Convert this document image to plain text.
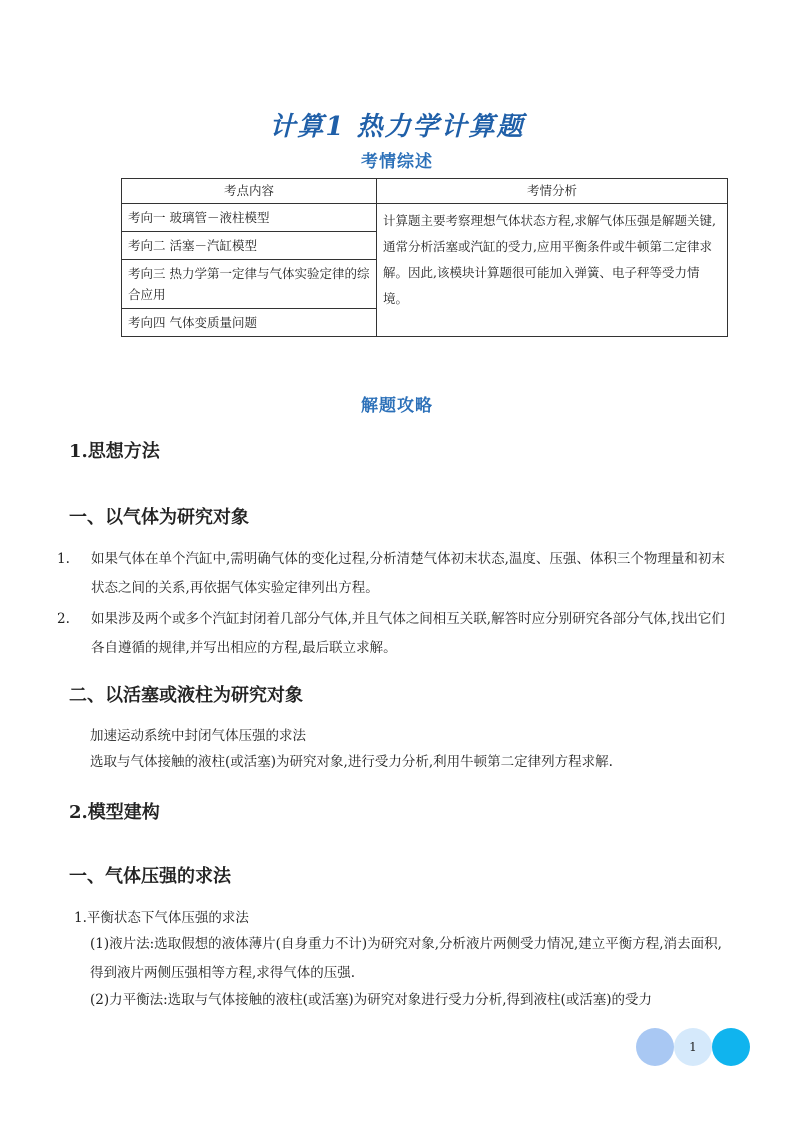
计算1 热力学计算题
考情综述
考点内容	考情分析
考向一 玻璃管－液柱模型	计算题主要考察理想气体状态方程,求解气体压强是解题关键,通常分析活塞或汽缸的受力,应用平衡条件或牛顿第二定律求解。因此,该模块计算题很可能加入弹簧、电子秤等受力情境。
考向二 活塞－汽缸模型	
考向三 热力学第一定律与气体实验定律的综合应用	
考向四 气体变质量问题	
解题攻略
1.思想方法
一、以气体为研究对象
1. 如果气体在单个汽缸中,需明确气体的变化过程,分析清楚气体初末状态,温度、压强、体积三个物理量和初末状态之间的关系,再依据气体实验定律列出方程。
2. 如果涉及两个或多个汽缸封闭着几部分气体,并且气体之间相互关联,解答时应分别研究各部分气体,找出它们各自遵循的规律,并写出相应的方程,最后联立求解。
二、以活塞或液柱为研究对象
加速运动系统中封闭气体压强的求法
选取与气体接触的液柱(或活塞)为研究对象,进行受力分析,利用牛顿第二定律列方程求解.
2.模型建构
一、气体压强的求法
1.平衡状态下气体压强的求法
(1)液片法:选取假想的液体薄片(自身重力不计)为研究对象,分析液片两侧受力情况,建立平衡方程,消去面积,得到液片两侧压强相等方程,求得气体的压强.
(2)力平衡法:选取与气体接触的液柱(或活塞)为研究对象进行受力分析,得到液柱(或活塞)的受力
1
